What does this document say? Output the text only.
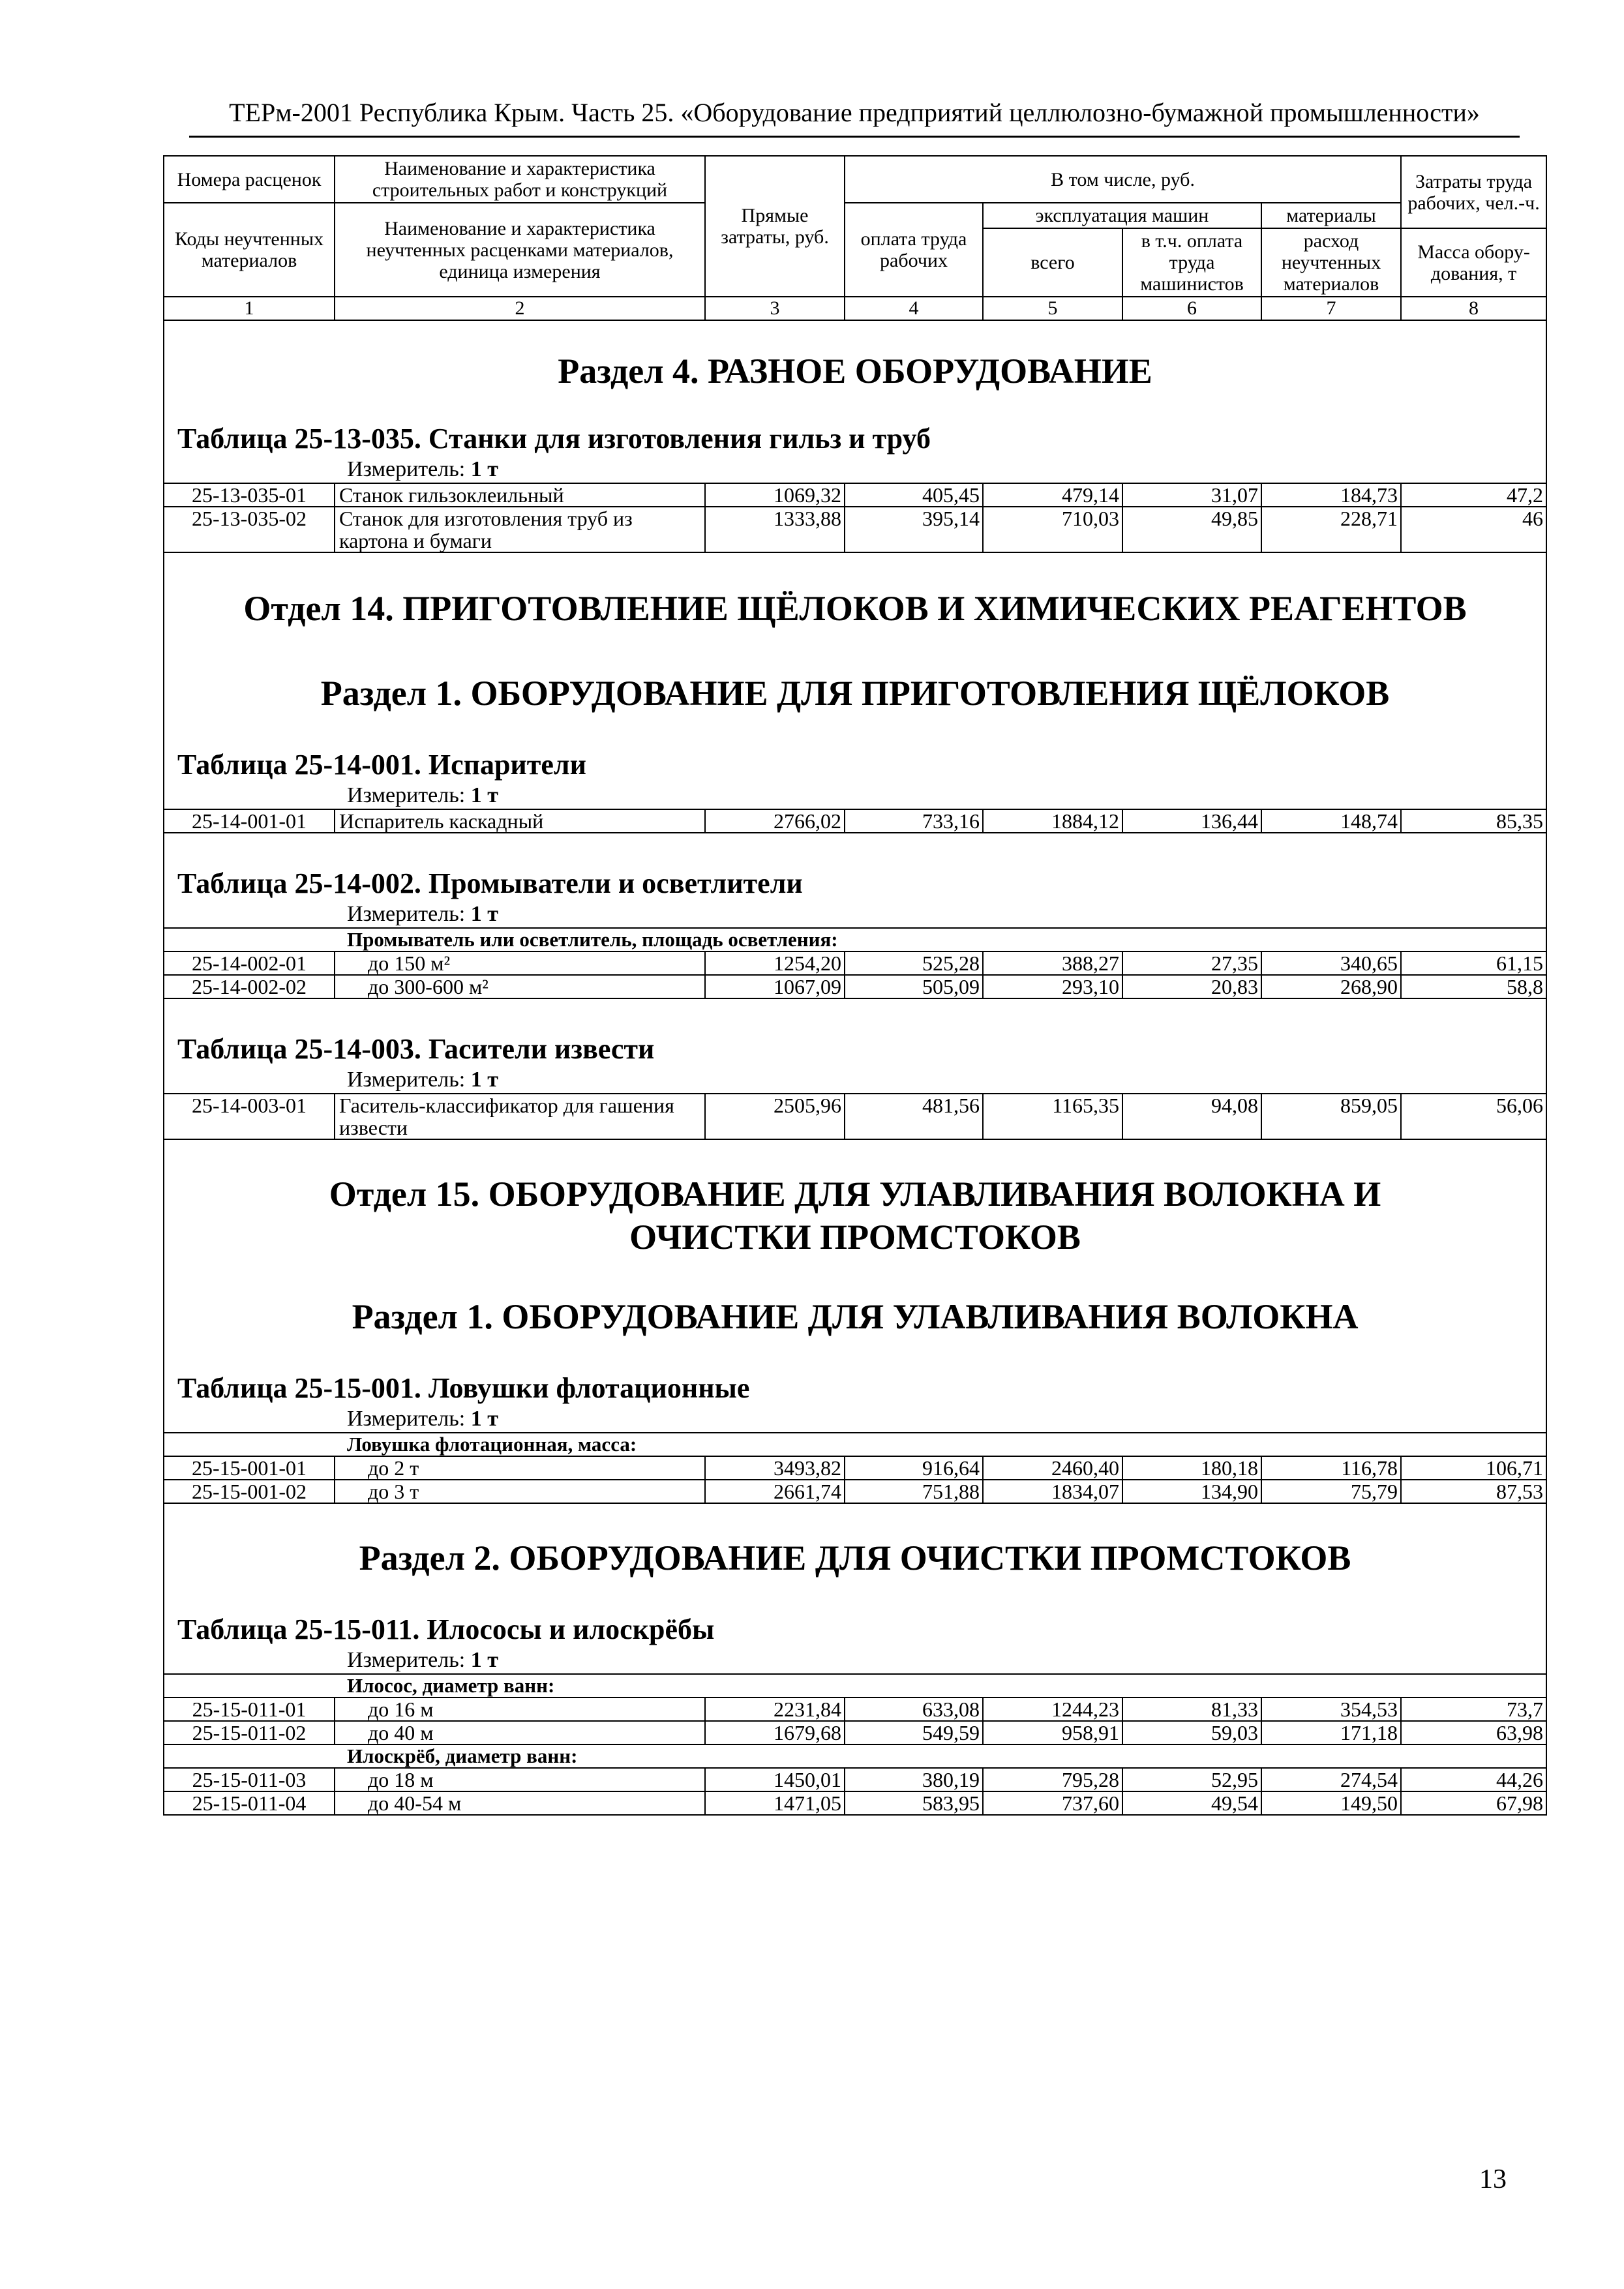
ТЕРм-2001 Республика Крым. Часть 25. «Оборудование предприятий целлюлозно-бумажной промышленности»
Номера расценок	Наименование и характеристика строительных работ и конструкций	Прямые затраты, руб.	В том числе, руб.				Затраты труда рабочих, чел.-ч.
Коды неучтенных материалов	Наименование и характеристика неучтенных расценками материалов, единица измерения		оплата труда рабочих	эксплуатация машин		материалы	
				всего	в т.ч. оплата труда машинистов	расход неучтенных материалов	Масса обору-дования, т
1	2	3	4	5	6	7	8

Раздел 4. РАЗНОЕ ОБОРУДОВАНИЕ

Таблица 25-13-035. Станки для изготовления гильз и труб

Измеритель: 1 т							

25-13-035-01	Станок гильзоклеильный	1069,32	405,45	479,14	31,07	184,73	47,2
25-13-035-02	Станок для изготовления труб из картона и бумаги	1333,88	395,14	710,03	49,85	228,71	46

Отдел 14. ПРИГОТОВЛЕНИЕ ЩЁЛОКОВ И ХИМИЧЕСКИХ РЕАГЕНТОВ

Раздел 1. ОБОРУДОВАНИЕ ДЛЯ ПРИГОТОВЛЕНИЯ ЩЁЛОКОВ

Таблица 25-14-001. Испарители

Измеритель: 1 т							

25-14-001-01	Испаритель каскадный	2766,02	733,16	1884,12	136,44	148,74	85,35

Таблица 25-14-002. Промыватели и осветлители

Измеритель: 1 т							

Промыватель или осветлитель, площадь осветления:							
25-14-002-01	до 150 м²	1254,20	525,28	388,27	27,35	340,65	61,15
25-14-002-02	до 300-600 м²	1067,09	505,09	293,10	20,83	268,90	58,8

Таблица 25-14-003. Гасители извести

Измеритель: 1 т							

25-14-003-01	Гаситель-классификатор для гашения извести	2505,96	481,56	1165,35	94,08	859,05	56,06

Отдел 15. ОБОРУДОВАНИЕ ДЛЯ УЛАВЛИВАНИЯ ВОЛОКНА И

ОЧИСТКИ ПРОМСТОКОВ

Раздел 1. ОБОРУДОВАНИЕ ДЛЯ УЛАВЛИВАНИЯ ВОЛОКНА

Таблица 25-15-001. Ловушки флотационные

Измеритель: 1 т							

Ловушка флотационная, масса:							
25-15-001-01	до 2 т	3493,82	916,64	2460,40	180,18	116,78	106,71
25-15-001-02	до 3 т	2661,74	751,88	1834,07	134,90	75,79	87,53

Раздел 2. ОБОРУДОВАНИЕ ДЛЯ ОЧИСТКИ ПРОМСТОКОВ

Таблица 25-15-011. Илососы и илоскрёбы

Измеритель: 1 т							

Илосос, диаметр ванн:							
25-15-011-01	до 16 м	2231,84	633,08	1244,23	81,33	354,53	73,7
25-15-011-02	до 40 м	1679,68	549,59	958,91	59,03	171,18	63,98
Илоскрёб, диаметр ванн:							
25-15-011-03	до 18 м	1450,01	380,19	795,28	52,95	274,54	44,26
25-15-011-04	до 40-54 м	1471,05	583,95	737,60	49,54	149,50	67,98
13
